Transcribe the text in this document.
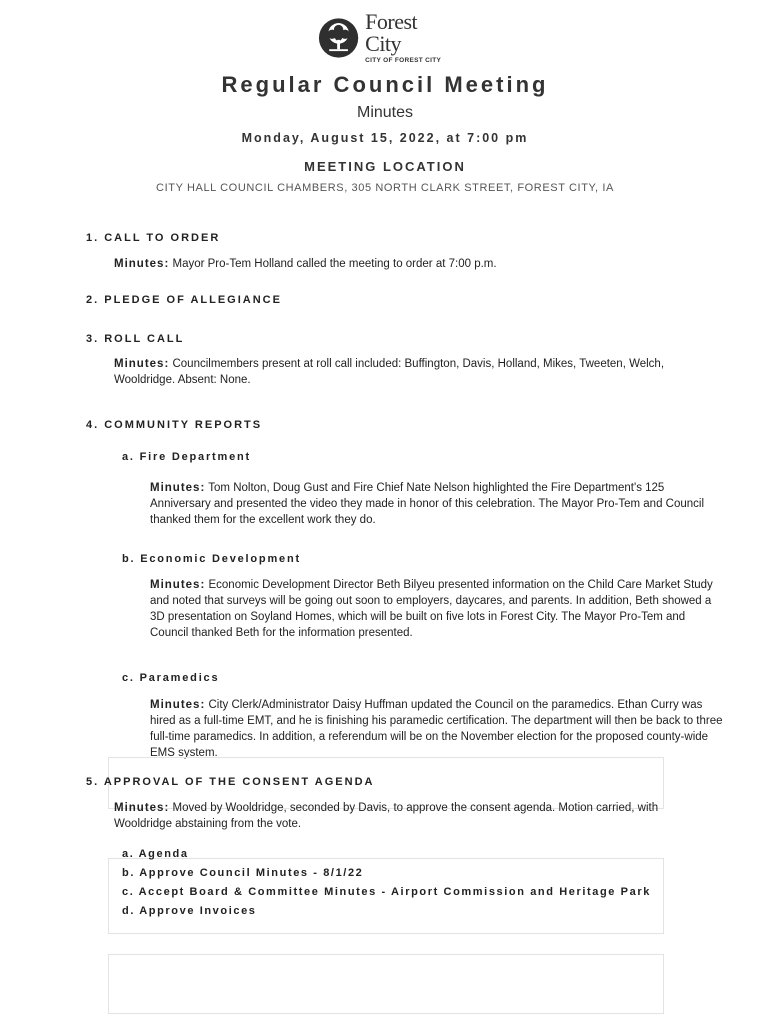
Forest City
CITY OF FOREST CITY
Regular Council Meeting
Minutes
Monday, August 15, 2022, at 7:00 pm
MEETING LOCATION
CITY HALL COUNCIL CHAMBERS, 305 NORTH CLARK STREET, FOREST CITY, IA
1. CALL TO ORDER
Minutes: Mayor Pro-Tem Holland called the meeting to order at 7:00 p.m.
2. PLEDGE OF ALLEGIANCE
3. ROLL CALL
Minutes: Councilmembers present at roll call included: Buffington, Davis, Holland, Mikes, Tweeten, Welch, Wooldridge. Absent: None.
4. COMMUNITY REPORTS
a. Fire Department
Minutes: Tom Nolton, Doug Gust and Fire Chief Nate Nelson highlighted the Fire Department's 125 Anniversary and presented the video they made in honor of this celebration. The Mayor Pro-Tem and Council thanked them for the excellent work they do.
b. Economic Development
Minutes: Economic Development Director Beth Bilyeu presented information on the Child Care Market Study and noted that surveys will be going out soon to employers, daycares, and parents. In addition, Beth showed a 3D presentation on Soyland Homes, which will be built on five lots in Forest City. The Mayor Pro-Tem and Council thanked Beth for the information presented.
c. Paramedics
Minutes: City Clerk/Administrator Daisy Huffman updated the Council on the paramedics. Ethan Curry was hired as a full-time EMT, and he is finishing his paramedic certification. The department will then be back to three full-time paramedics. In addition, a referendum will be on the November election for the proposed county-wide EMS system.
5. APPROVAL OF THE CONSENT AGENDA
Minutes: Moved by Wooldridge, seconded by Davis, to approve the consent agenda. Motion carried, with Wooldridge abstaining from the vote.
a. Agenda
b. Approve Council Minutes - 8/1/22
c. Accept Board & Committee Minutes - Airport Commission and Heritage Park
d. Approve Invoices
